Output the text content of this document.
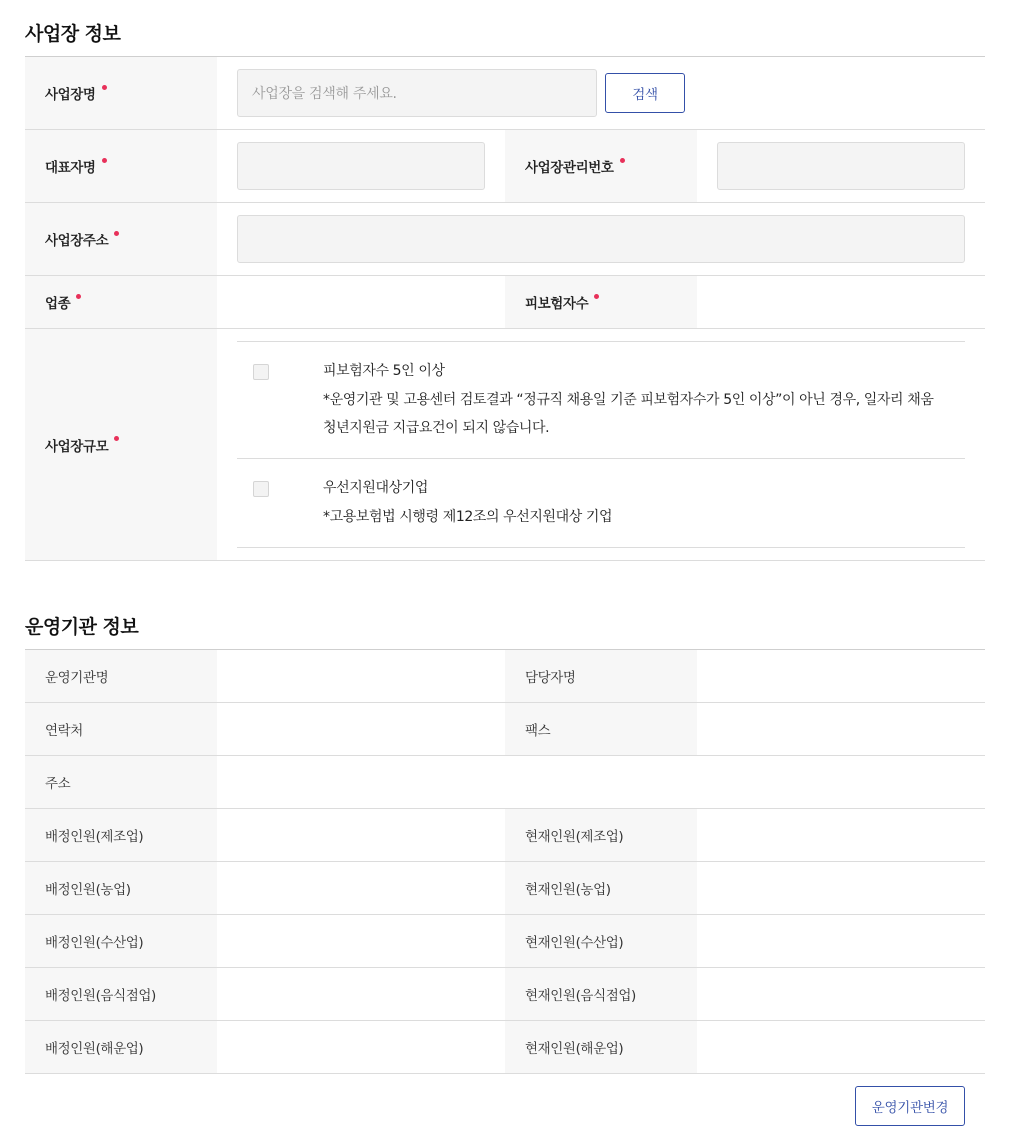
사업장 정보
사업장명	사업장을 검색해 주세요.	검색
대표자명	사업장관리번호
사업장주소
업종	피보험자수
사업장규모
피보험자수 5인 이상
*운영기관 및 고용센터 검토결과 “정규직 채용일 기준 피보험자수가 5인 이상”이 아닌 경우, 일자리 채움
청년지원금 지급요건이 되지 않습니다.
우선지원대상기업
*고용보험법 시행령 제12조의 우선지원대상 기업
운영기관 정보
운영기관명	담당자명
연락처	팩스
주소
배정인원(제조업)	현재인원(제조업)
배정인원(농업)	현재인원(농업)
배정인원(수산업)	현재인원(수산업)
배정인원(음식점업)	현재인원(음식점업)
배정인원(해운업)	현재인원(해운업)
운영기관변경
